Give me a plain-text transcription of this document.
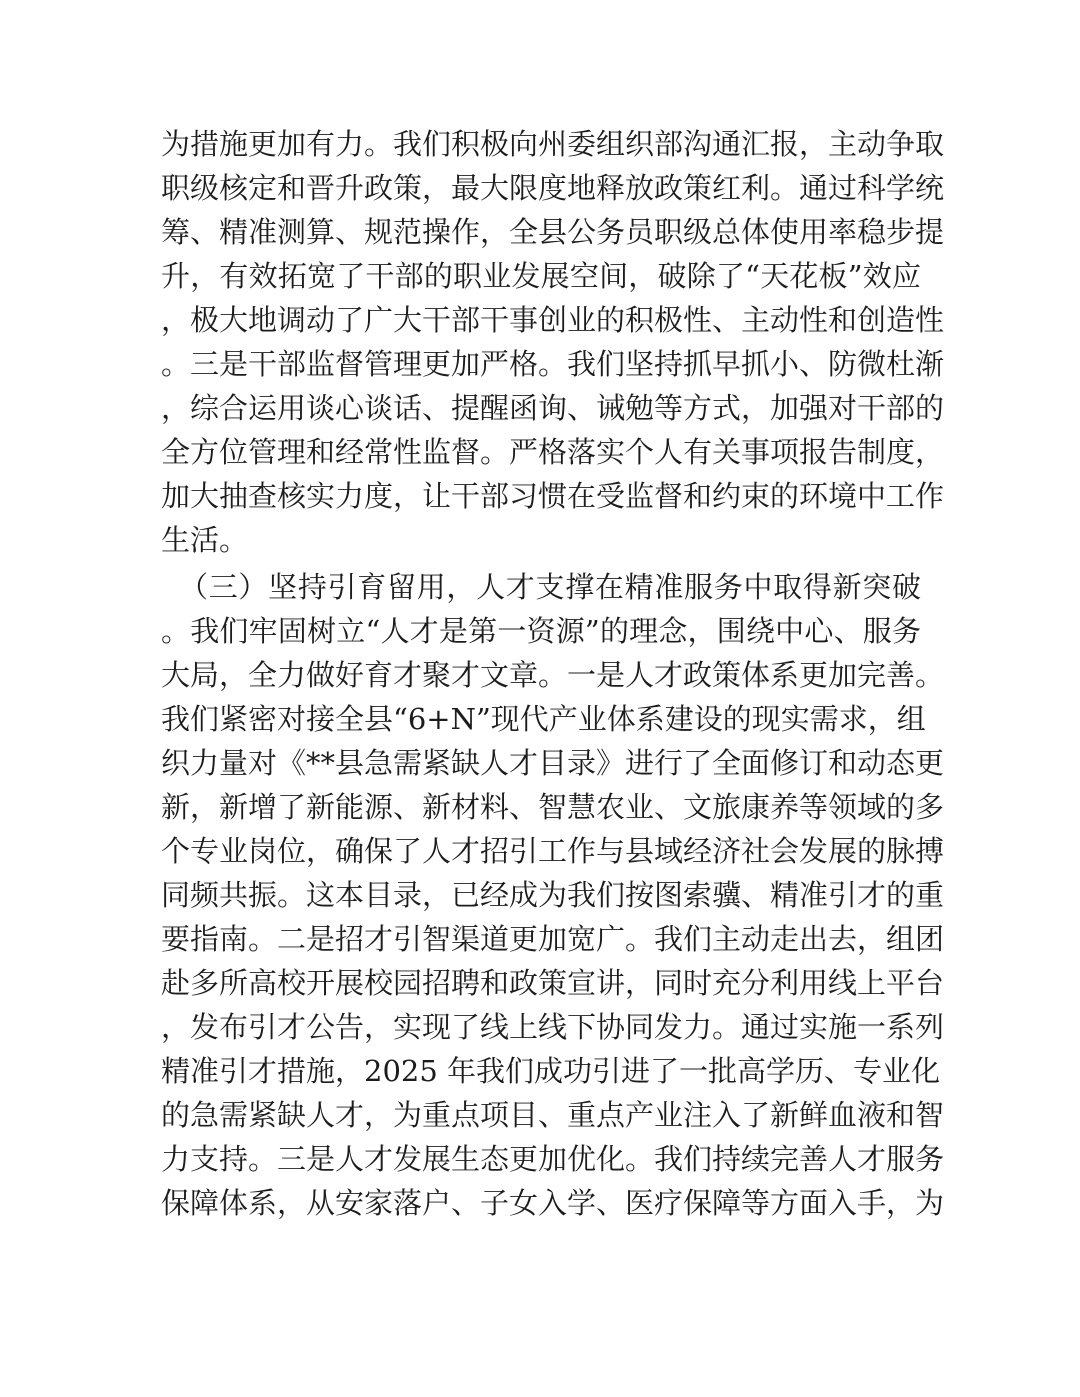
为措施更加有力。我们积极向州委组织部沟通汇报，主动争取
职级核定和晋升政策，最大限度地释放政策红利。通过科学统
筹、精准测算、规范操作，全县公务员职级总体使用率稳步提
升，有效拓宽了干部的职业发展空间，破除了“天花板”效应
，极大地调动了广大干部干事创业的积极性、主动性和创造性
。三是干部监督管理更加严格。我们坚持抓早抓小、防微杜渐
，综合运用谈心谈话、提醒函询、诫勉等方式，加强对干部的
全方位管理和经常性监督。严格落实个人有关事项报告制度，
加大抽查核实力度，让干部习惯在受监督和约束的环境中工作
生活。
（三）坚持引育留用，人才支撑在精准服务中取得新突破
。我们牢固树立“人才是第一资源”的理念，围绕中心、服务
大局，全力做好育才聚才文章。一是人才政策体系更加完善。
我们紧密对接全县“6+N”现代产业体系建设的现实需求，组
织力量对《**县急需紧缺人才目录》进行了全面修订和动态更
新，新增了新能源、新材料、智慧农业、文旅康养等领域的多
个专业岗位，确保了人才招引工作与县域经济社会发展的脉搏
同频共振。这本目录，已经成为我们按图索骥、精准引才的重
要指南。二是招才引智渠道更加宽广。我们主动走出去，组团
赴多所高校开展校园招聘和政策宣讲，同时充分利用线上平台
，发布引才公告，实现了线上线下协同发力。通过实施一系列
精准引才措施，2025 年我们成功引进了一批高学历、专业化
的急需紧缺人才，为重点项目、重点产业注入了新鲜血液和智
力支持。三是人才发展生态更加优化。我们持续完善人才服务
保障体系，从安家落户、子女入学、医疗保障等方面入手，为
